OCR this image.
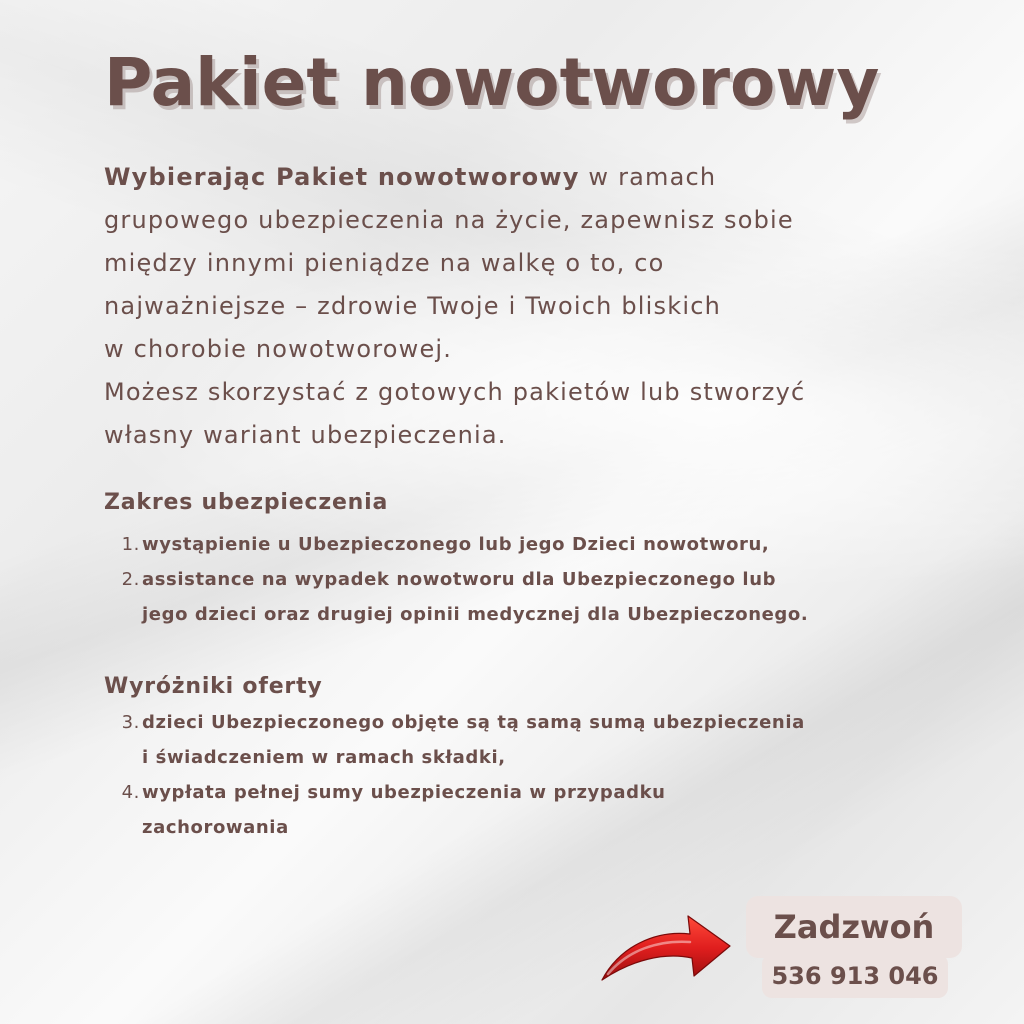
Pakiet nowotworowy

Wybierając Pakiet nowotworowy w ramach
grupowego ubezpieczenia na życie, zapewnisz sobie
między innymi pieniądze na walkę o to, co
najważniejsze – zdrowie Twoje i Twoich bliskich
w chorobie nowotworowej.
Możesz skorzystać z gotowych pakietów lub stworzyć
własny wariant ubezpieczenia.

Zakres ubezpieczenia
1. wystąpienie u Ubezpieczonego lub jego Dzieci nowotworu,
2. assistance na wypadek nowotworu dla Ubezpieczonego lub
jego dzieci oraz drugiej opinii medycznej dla Ubezpieczonego.
Wyróżniki oferty
3. dzieci Ubezpieczonego objęte są tą samą sumą ubezpieczenia
i świadczeniem w ramach składki,
4. wypłata pełnej sumy ubezpieczenia w przypadku
zachorowania
Zadzwoń
536 913 046
